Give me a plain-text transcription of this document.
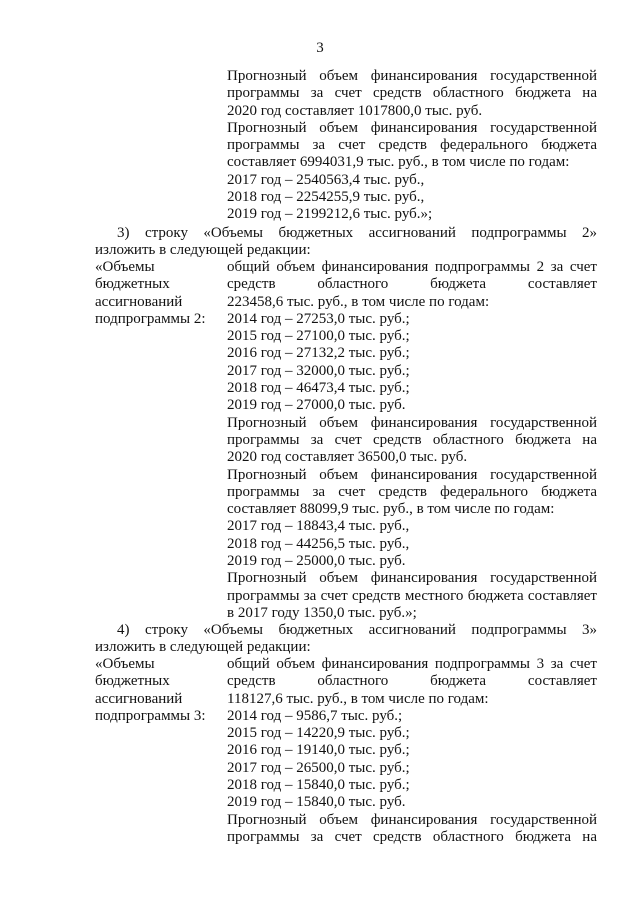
3
Прогнозный объем финансирования государственной
программы за счет средств областного бюджета на
2020 год составляет 1017800,0 тыс. руб.
Прогнозный объем финансирования государственной
программы за счет средств федерального бюджета
составляет 6994031,9 тыс. руб., в том числе по годам:
2017 год – 2540563,4 тыс. руб.,
2018 год – 2254255,9 тыс. руб.,
2019 год – 2199212,6 тыс. руб.»;
3) строку «Объемы бюджетных ассигнований подпрограммы 2»
изложить в следующей редакции:
«Объемы
бюджетных
ассигнований
подпрограммы 2:
общий объем финансирования подпрограммы 2 за счет
средств областного бюджета составляет
223458,6 тыс. руб., в том числе по годам:
2014 год – 27253,0 тыс. руб.;
2015 год – 27100,0 тыс. руб.;
2016 год – 27132,2 тыс. руб.;
2017 год – 32000,0 тыс. руб.;
2018 год – 46473,4 тыс. руб.;
2019 год – 27000,0 тыс. руб.
Прогнозный объем финансирования государственной
программы за счет средств областного бюджета на
2020 год составляет 36500,0 тыс. руб.
Прогнозный объем финансирования государственной
программы за счет средств федерального бюджета
составляет 88099,9 тыс. руб., в том числе по годам:
2017 год – 18843,4 тыс. руб.,
2018 год – 44256,5 тыс. руб.,
2019 год – 25000,0 тыс. руб.
Прогнозный объем финансирования государственной
программы за счет средств местного бюджета составляет
в 2017 году 1350,0 тыс. руб.»;
4) строку «Объемы бюджетных ассигнований подпрограммы 3»
изложить в следующей редакции:
«Объемы
бюджетных
ассигнований
подпрограммы 3:
общий объем финансирования подпрограммы 3 за счет
средств областного бюджета составляет
118127,6 тыс. руб., в том числе по годам:
2014 год – 9586,7 тыс. руб.;
2015 год – 14220,9 тыс. руб.;
2016 год – 19140,0 тыс. руб.;
2017 год – 26500,0 тыс. руб.;
2018 год – 15840,0 тыс. руб.;
2019 год – 15840,0 тыс. руб.
Прогнозный объем финансирования государственной
программы за счет средств областного бюджета на
